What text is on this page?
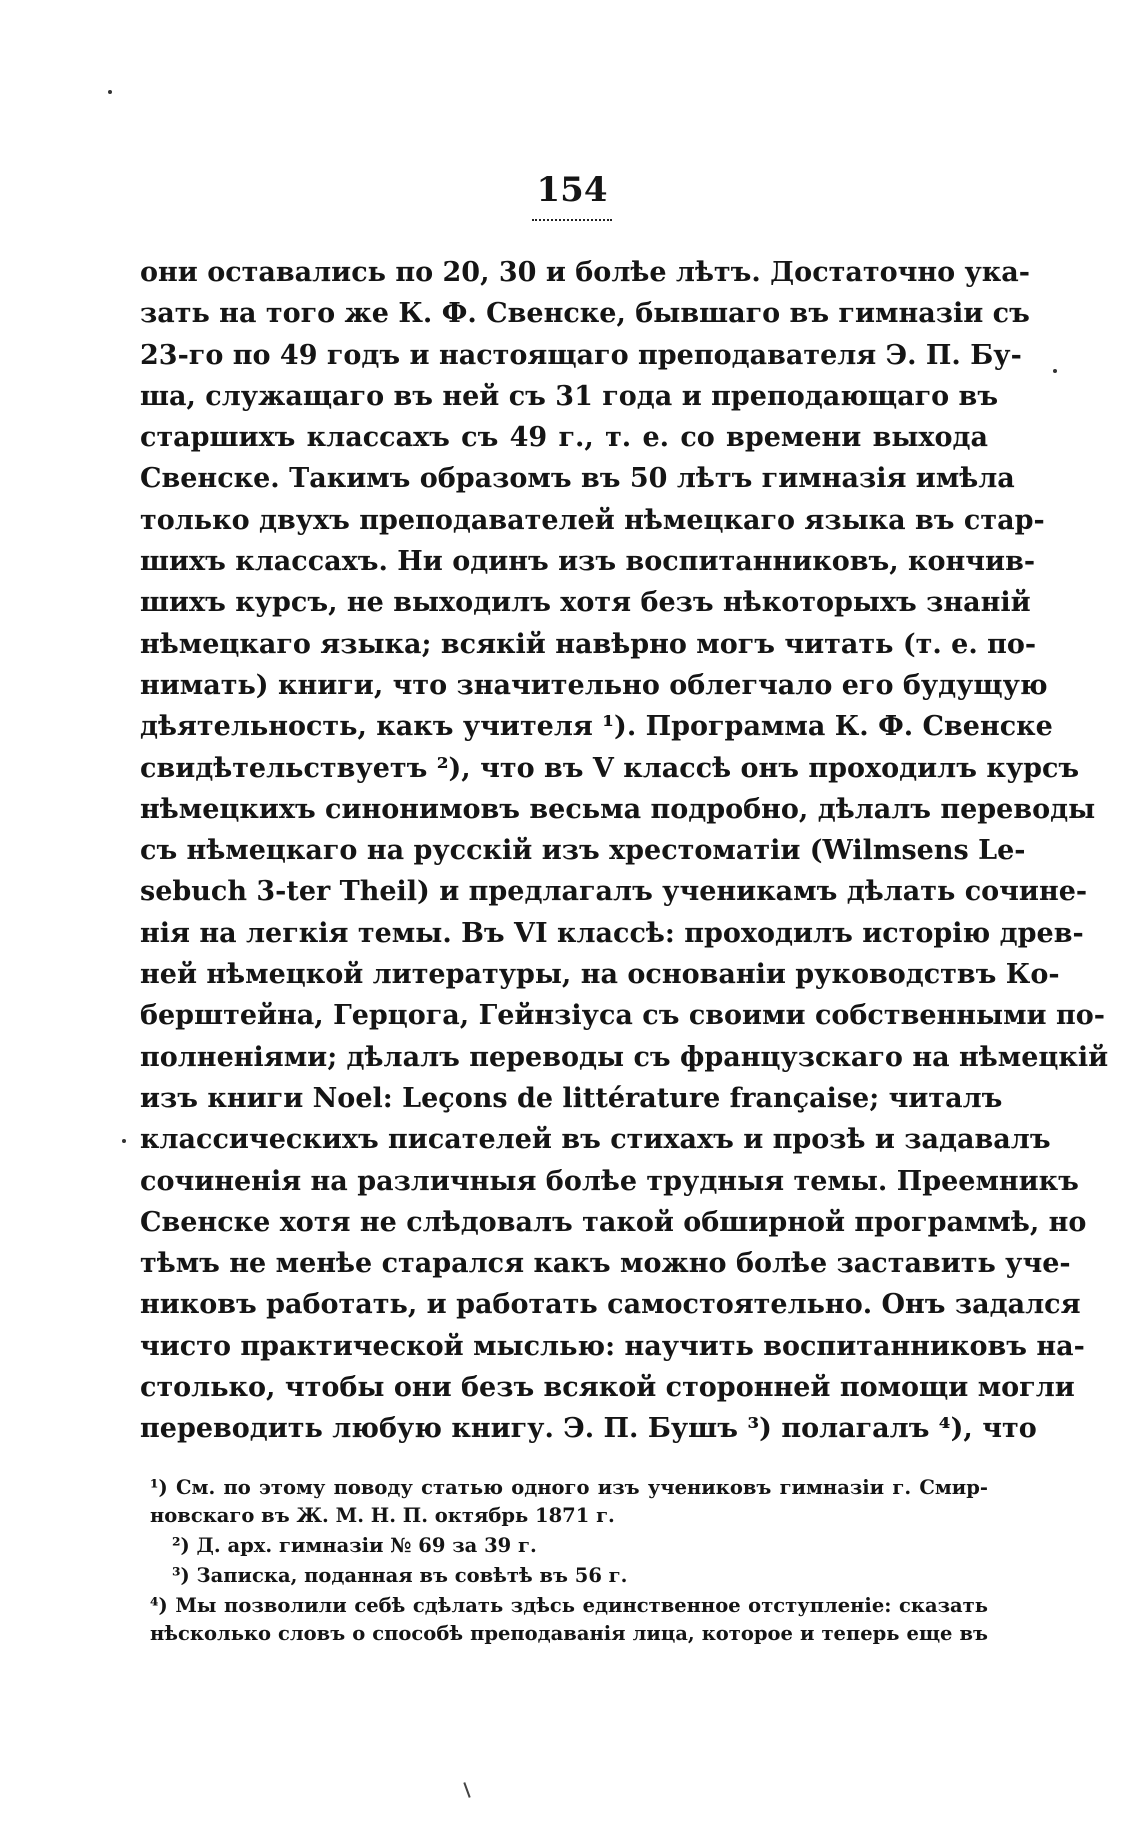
154
они оставались по 20, 30 и болѣе лѣтъ. Достаточно ука-
зать на того же К. Ф. Свенске, бывшаго въ гимназіи съ
23-го по 49 годъ и настоящаго преподавателя Э. П. Бу-
ша, служащаго въ ней съ 31 года и преподающаго въ
старшихъ классахъ съ 49 г., т. е. со времени выхода
Свенске. Такимъ образомъ въ 50 лѣтъ гимназія имѣла
только двухъ преподавателей нѣмецкаго языка въ стар-
шихъ классахъ. Ни одинъ изъ воспитанниковъ, кончив-
шихъ курсъ, не выходилъ хотя безъ нѣкоторыхъ знаній
нѣмецкаго языка; всякій навѣрно могъ читать (т. е. по-
нимать) книги, что значительно облегчало его будущую
дѣятельность, какъ учителя ¹). Программа К. Ф. Свенске
свидѣтельствуетъ ²), что въ V классѣ онъ проходилъ курсъ
нѣмецкихъ синонимовъ весьма подробно, дѣлалъ переводы
съ нѣмецкаго на русскій изъ хрестоматіи (Wilmsens Le-
sebuch 3-ter Theil) и предлагалъ ученикамъ дѣлать сочине-
нія на легкія темы. Въ VI классѣ: проходилъ исторію древ-
ней нѣмецкой литературы, на основаніи руководствъ Ко-
берштейна, Герцога, Гейнзіуса съ своими собственными по-
полненіями; дѣлалъ переводы съ французскаго на нѣмецкій
изъ книги Noel: Leçons de littérature française; читалъ
классическихъ писателей въ стихахъ и прозѣ и задавалъ
сочиненія на различныя болѣе трудныя темы. Преемникъ
Свенске хотя не слѣдовалъ такой обширной программѣ, но
тѣмъ не менѣе старался какъ можно болѣе заставить уче-
никовъ работать, и работать самостоятельно. Онъ задался
чисто практической мыслью: научить воспитанниковъ на-
столько, чтобы они безъ всякой сторонней помощи могли
переводить любую книгу. Э. П. Бушъ ³) полагалъ ⁴), что
¹) См. по этому поводу статью одного изъ учениковъ гимназіи г. Смир-
новскаго въ Ж. М. Н. П. октябрь 1871 г.
²) Д. арх. гимназіи № 69 за 39 г.
³) Записка, поданная въ совѣтѣ въ 56 г.
⁴) Мы позволили себѣ сдѣлать здѣсь единственное отступленіе: сказать
нѣсколько словъ о способѣ преподаванія лица, которое и теперь еще въ
